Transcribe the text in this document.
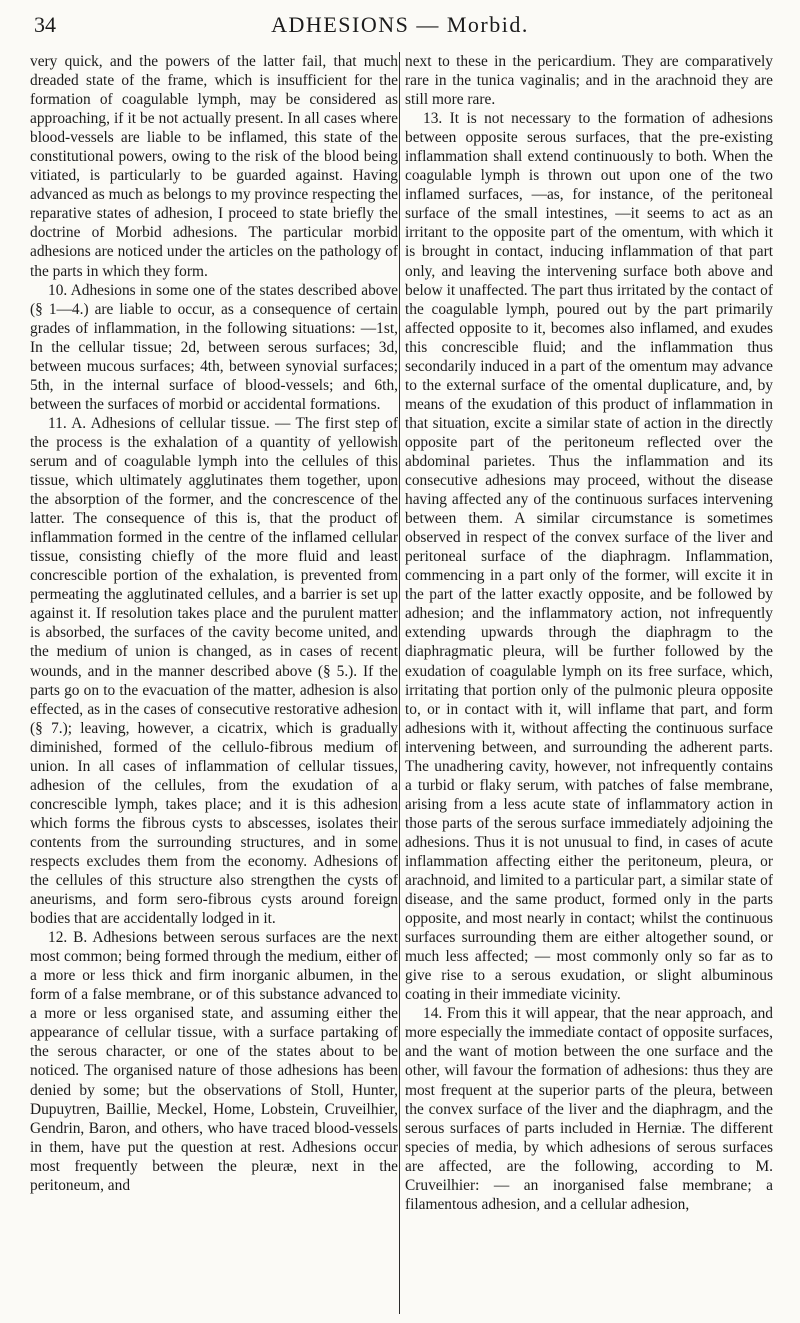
34	ADHESIONS — Morbid.

very quick, and the powers of the latter fail, that much dreaded state of the frame, which is insufficient for the formation of coagulable lymph, may be considered as approaching, if it be not actually present. In all cases where blood-vessels are liable to be inflamed, this state of the constitutional powers, owing to the risk of the blood being vitiated, is particularly to be guarded against. Having advanced as much as belongs to my province respecting the reparative states of adhesion, I proceed to state briefly the doctrine of Morbid adhesions. The particular morbid adhesions are noticed under the articles on the pathology of the parts in which they form.

10. Adhesions in some one of the states described above (§ 1—4.) are liable to occur, as a consequence of certain grades of inflammation, in the following situations: —1st, In the cellular tissue; 2d, between serous surfaces; 3d, between mucous surfaces; 4th, between synovial surfaces; 5th, in the internal surface of blood-vessels; and 6th, between the surfaces of morbid or accidental formations.

11. A. Adhesions of cellular tissue. — The first step of the process is the exhalation of a quantity of yellowish serum and of coagulable lymph into the cellules of this tissue, which ultimately agglutinates them together, upon the absorption of the former, and the concrescence of the latter. The consequence of this is, that the product of inflammation formed in the centre of the inflamed cellular tissue, consisting chiefly of the more fluid and least concrescible portion of the exhalation, is prevented from permeating the agglutinated cellules, and a barrier is set up against it. If resolution takes place and the purulent matter is absorbed, the surfaces of the cavity become united, and the medium of union is changed, as in cases of recent wounds, and in the manner described above (§ 5.). If the parts go on to the evacuation of the matter, adhesion is also effected, as in the cases of consecutive restorative adhesion (§ 7.); leaving, however, a cicatrix, which is gradually diminished, formed of the cellulo-fibrous medium of union. In all cases of inflammation of cellular tissues, adhesion of the cellules, from the exudation of a concrescible lymph, takes place; and it is this adhesion which forms the fibrous cysts to abscesses, isolates their contents from the surrounding structures, and in some respects excludes them from the economy. Adhesions of the cellules of this structure also strengthen the cysts of aneurisms, and form sero-fibrous cysts around foreign bodies that are accidentally lodged in it.

12. B. Adhesions between serous surfaces are the next most common; being formed through the medium, either of a more or less thick and firm inorganic albumen, in the form of a false membrane, or of this substance advanced to a more or less organised state, and assuming either the appearance of cellular tissue, with a surface partaking of the serous character, or one of the states about to be noticed. The organised nature of those adhesions has been denied by some; but the observations of Stoll, Hunter, Dupuytren, Baillie, Meckel, Home, Lobstein, Cruveilhier, Gendrin, Baron, and others, who have traced blood-vessels in them, have put the question at rest. Adhesions occur most frequently between the pleuræ, next in the peritoneum, and

next to these in the pericardium. They are comparatively rare in the tunica vaginalis; and in the arachnoid they are still more rare.

13. It is not necessary to the formation of adhesions between opposite serous surfaces, that the pre-existing inflammation shall extend continuously to both. When the coagulable lymph is thrown out upon one of the two inflamed surfaces, —as, for instance, of the peritoneal surface of the small intestines, —it seems to act as an irritant to the opposite part of the omentum, with which it is brought in contact, inducing inflammation of that part only, and leaving the intervening surface both above and below it unaffected. The part thus irritated by the contact of the coagulable lymph, poured out by the part primarily affected opposite to it, becomes also inflamed, and exudes this concrescible fluid; and the inflammation thus secondarily induced in a part of the omentum may advance to the external surface of the omental duplicature, and, by means of the exudation of this product of inflammation in that situation, excite a similar state of action in the directly opposite part of the peritoneum reflected over the abdominal parietes. Thus the inflammation and its consecutive adhesions may proceed, without the disease having affected any of the continuous surfaces intervening between them. A similar circumstance is sometimes observed in respect of the convex surface of the liver and peritoneal surface of the diaphragm. Inflammation, commencing in a part only of the former, will excite it in the part of the latter exactly opposite, and be followed by adhesion; and the inflammatory action, not infrequently extending upwards through the diaphragm to the diaphragmatic pleura, will be further followed by the exudation of coagulable lymph on its free surface, which, irritating that portion only of the pulmonic pleura opposite to, or in contact with it, will inflame that part, and form adhesions with it, without affecting the continuous surface intervening between, and surrounding the adherent parts. The unadhering cavity, however, not infrequently contains a turbid or flaky serum, with patches of false membrane, arising from a less acute state of inflammatory action in those parts of the serous surface immediately adjoining the adhesions. Thus it is not unusual to find, in cases of acute inflammation affecting either the peritoneum, pleura, or arachnoid, and limited to a particular part, a similar state of disease, and the same product, formed only in the parts opposite, and most nearly in contact; whilst the continuous surfaces surrounding them are either altogether sound, or much less affected; — most commonly only so far as to give rise to a serous exudation, or slight albuminous coating in their immediate vicinity.

14. From this it will appear, that the near approach, and more especially the immediate contact of opposite surfaces, and the want of motion between the one surface and the other, will favour the formation of adhesions: thus they are most frequent at the superior parts of the pleura, between the convex surface of the liver and the diaphragm, and the serous surfaces of parts included in Herniæ. The different species of media, by which adhesions of serous surfaces are affected, are the following, according to M. Cruveilhier: — an inorganised false membrane; a filamentous adhesion, and a cellular adhesion,
